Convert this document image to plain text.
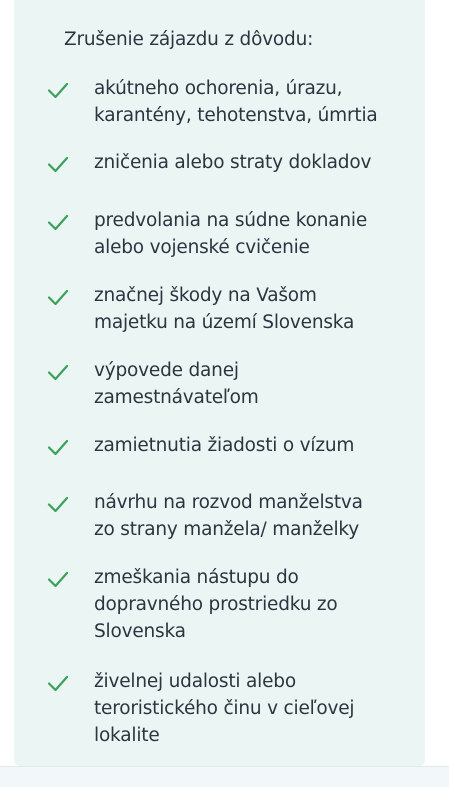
Zrušenie zájazdu z dôvodu:
akútneho ochorenia, úrazu,
karantény, tehotenstva, úmrtia
zničenia alebo straty dokladov
predvolania na súdne konanie
alebo vojenské cvičenie
značnej škody na Vašom
majetku na území Slovenska
výpovede danej
zamestnávateľom
zamietnutia žiadosti o vízum
návrhu na rozvod manželstva
zo strany manžela/ manželky
zmeškania nástupu do
dopravného prostriedku zo
Slovenska
živelnej udalosti alebo
teroristického činu v cieľovej
lokalite
